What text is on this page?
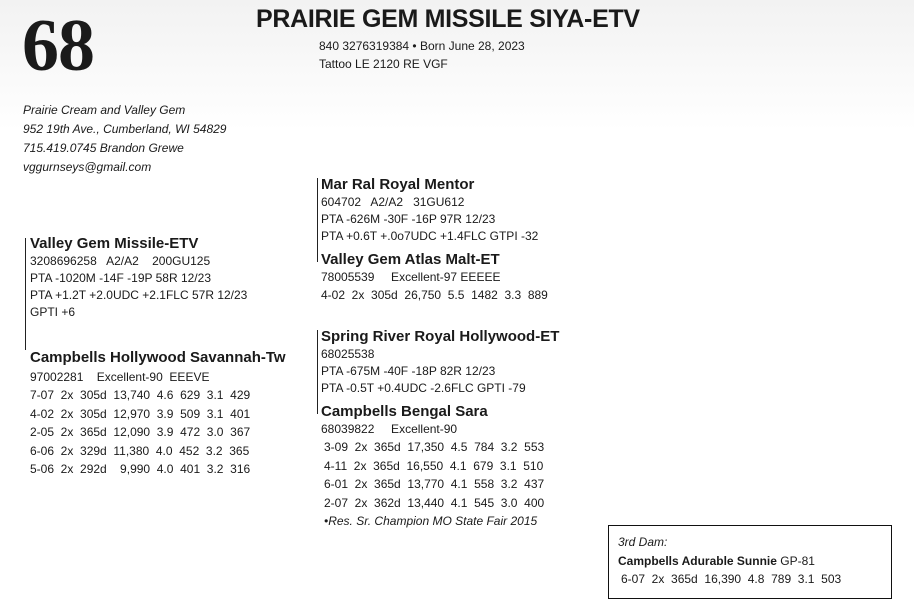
68	PRAIRIE GEM MISSILE SIYA-ETV
840 3276319384 • Born June 28, 2023
Tattoo LE 2120 RE VGF
Prairie Cream and Valley Gem
952 19th Ave., Cumberland, WI 54829
715.419.0745 Brandon Grewe
vggurnseys@gmail.com
Valley Gem Missile-ETV
3208696258   A2/A2    200GU125
PTA -1020M -14F -19P 58R 12/23
PTA +1.2T +2.0UDC +2.1FLC 57R 12/23
GPTI +6
Mar Ral Royal Mentor
604702   A2/A2   31GU612
PTA -626M -30F -16P 97R 12/23
PTA +0.6T +.0o7UDC +1.4FLC GTPI -32
Valley Gem Atlas Malt-ET
78005539     Excellent-97 EEEEE
4-02  2x  305d  26,750  5.5  1482  3.3  889
Campbells Hollywood Savannah-Tw
97002281    Excellent-90  EEEVE
7-07  2x  305d  13,740  4.6  629  3.1  429
4-02  2x  305d  12,970  3.9  509  3.1  401
2-05  2x  365d  12,090  3.9  472  3.0  367
6-06  2x  329d  11,380  4.0  452  3.2  365
5-06  2x  292d    9,990  4.0  401  3.2  316
Spring River Royal Hollywood-ET
68025538
PTA -675M -40F -18P 82R 12/23
PTA -0.5T +0.4UDC -2.6FLC GPTI -79
Campbells Bengal Sara
68039822     Excellent-90
3-09  2x  365d  17,350  4.5  784  3.2  553
4-11  2x  365d  16,550  4.1  679  3.1  510
6-01  2x  365d  13,770  4.1  558  3.2  437
2-07  2x  362d  13,440  4.1  545  3.0  400
•Res. Sr. Champion MO State Fair 2015
3rd Dam:
Campbells Adurable Sunnie GP-81
6-07  2x  365d  16,390  4.8  789  3.1  503
